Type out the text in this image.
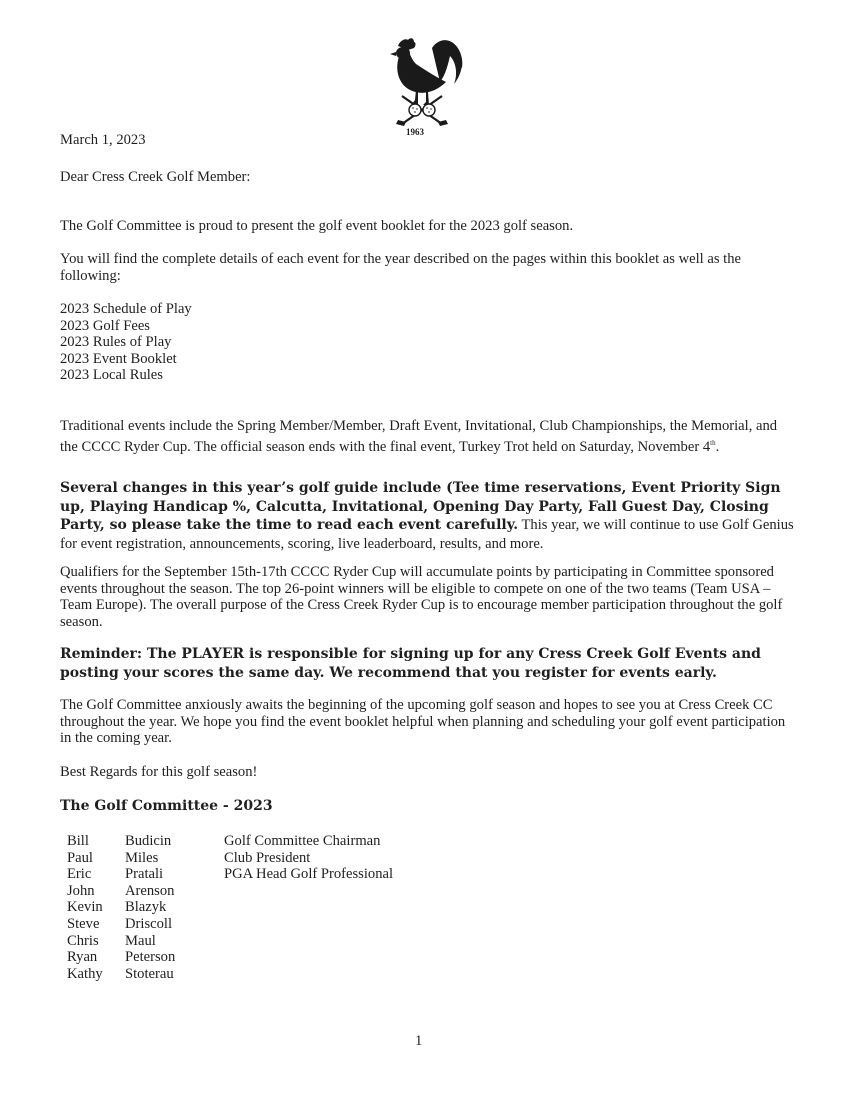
1963

March 1, 2023

Dear Cress Creek Golf Member:

The Golf Committee is proud to present the golf event booklet for the 2023 golf season.

You will find the complete details of each event for the year described on the pages within this booklet as well as the following:

2023 Schedule of Play
2023 Golf Fees
2023 Rules of Play
2023 Event Booklet
2023 Local Rules

Traditional events include the Spring Member/Member, Draft Event, Invitational, Club Championships, the Memorial, and the CCCC Ryder Cup. The official season ends with the final event, Turkey Trot held on Saturday, November 4th.

Several changes in this year’s golf guide include (Tee time reservations, Event Priority Sign up, Playing Handicap %, Calcutta, Invitational, Opening Day Party, Fall Guest Day, Closing Party, so please take the time to read each event carefully. This year, we will continue to use Golf Genius for event registration, announcements, scoring, live leaderboard, results, and more.

Qualifiers for the September 15th-17th CCCC Ryder Cup will accumulate points by participating in Committee sponsored events throughout the season. The top 26-point winners will be eligible to compete on one of the two teams (Team USA – Team Europe). The overall purpose of the Cress Creek Ryder Cup is to encourage member participation throughout the golf season.

Reminder: The PLAYER is responsible for signing up for any Cress Creek Golf Events and posting your scores the same day. We recommend that you register for events early.

The Golf Committee anxiously awaits the beginning of the upcoming golf season and hopes to see you at Cress Creek CC throughout the year. We hope you find the event booklet helpful when planning and scheduling your golf event participation in the coming year.

Best Regards for this golf season!

The Golf Committee - 2023

Bill	Budicin	Golf Committee Chairman
Paul	Miles	Club President
Eric	Pratali	PGA Head Golf Professional
John	Arenson
Kevin	Blazyk
Steve	Driscoll
Chris	Maul
Ryan	Peterson
Kathy	Stoterau
1
